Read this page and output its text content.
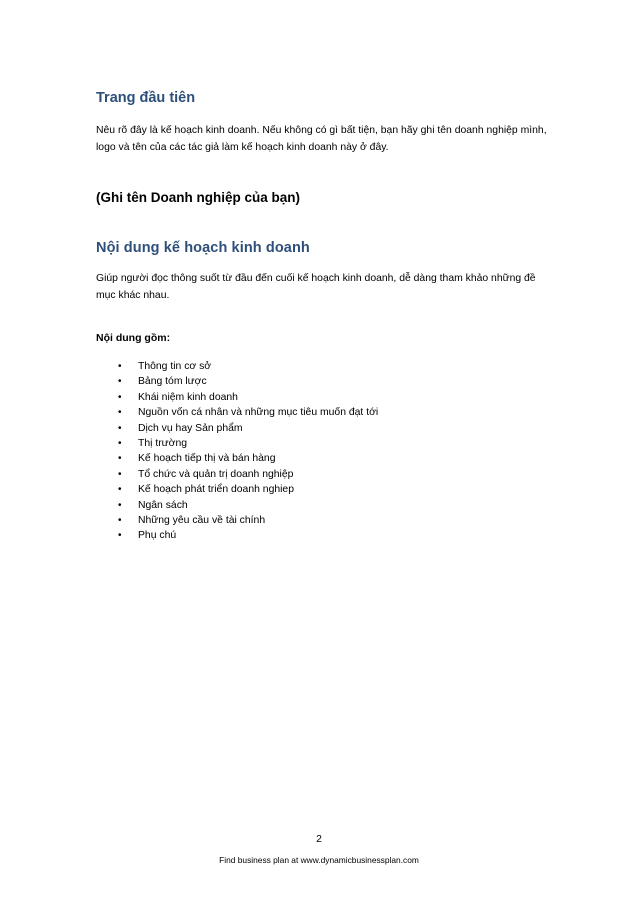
Trang đầu tiên

Nêu rõ đây là kế hoạch kinh doanh. Nếu không có gì bất tiện, bạn hãy ghi tên doanh nghiệp mình, logo và tên của các tác giả làm kế hoạch kinh doanh này ở đây.

(Ghi tên Doanh nghiệp của bạn)
Nội dung kế hoạch kinh doanh

Giúp người đọc thông suốt từ đầu đến cuối kế hoạch kinh doanh, dễ dàng tham khảo những đề mục khác nhau.

Nội dung gồm:

• Thông tin cơ sở
• Bảng tóm lược
• Khái niệm kinh doanh
• Nguồn vốn cá nhân và những mục tiêu muốn đạt tới
• Dịch vụ hay Sản phẩm
• Thị trường
• Kế hoạch tiếp thị và bán hàng
• Tổ chức và quản trị doanh nghiệp
• Kế hoạch phát triển doanh nghiep
• Ngân sách
• Những yêu cầu về tài chính
• Phụ chú

2

Find business plan at www.dynamicbusinessplan.com
